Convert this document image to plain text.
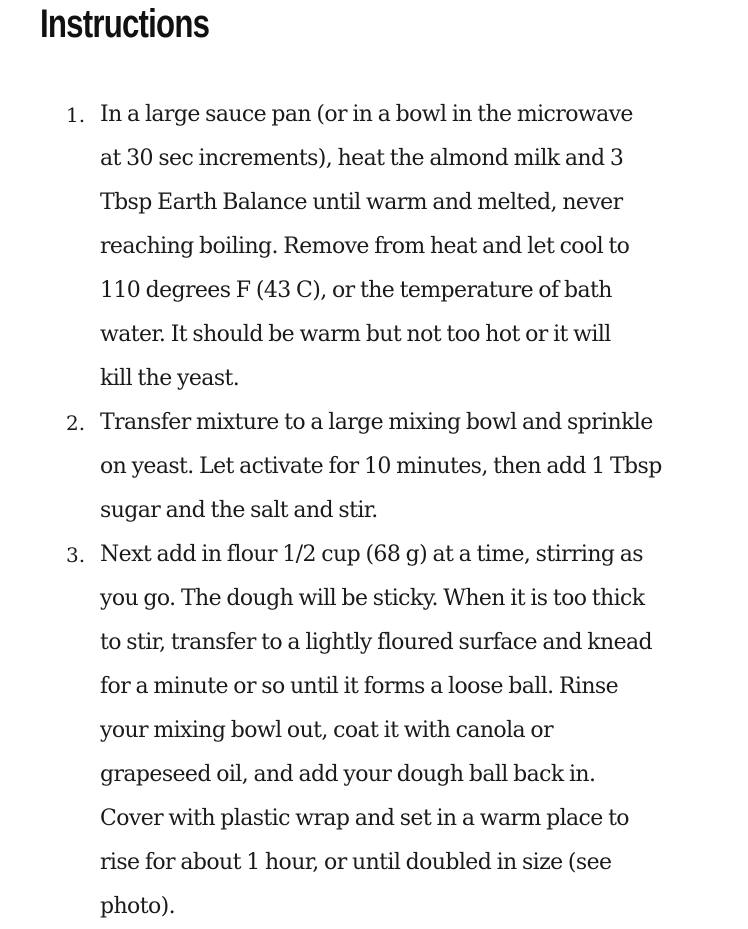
Instructions
1. In a large sauce pan (or in a bowl in the microwave
at 30 sec increments), heat the almond milk and 3
Tbsp Earth Balance until warm and melted, never
reaching boiling. Remove from heat and let cool to
110 degrees F (43 C), or the temperature of bath
water. It should be warm but not too hot or it will
kill the yeast.
2. Transfer mixture to a large mixing bowl and sprinkle
on yeast. Let activate for 10 minutes, then add 1 Tbsp
sugar and the salt and stir.
3. Next add in flour 1/2 cup (68 g) at a time, stirring as
you go. The dough will be sticky. When it is too thick
to stir, transfer to a lightly floured surface and knead
for a minute or so until it forms a loose ball. Rinse
your mixing bowl out, coat it with canola or
grapeseed oil, and add your dough ball back in.
Cover with plastic wrap and set in a warm place to
rise for about 1 hour, or until doubled in size (see
photo).
